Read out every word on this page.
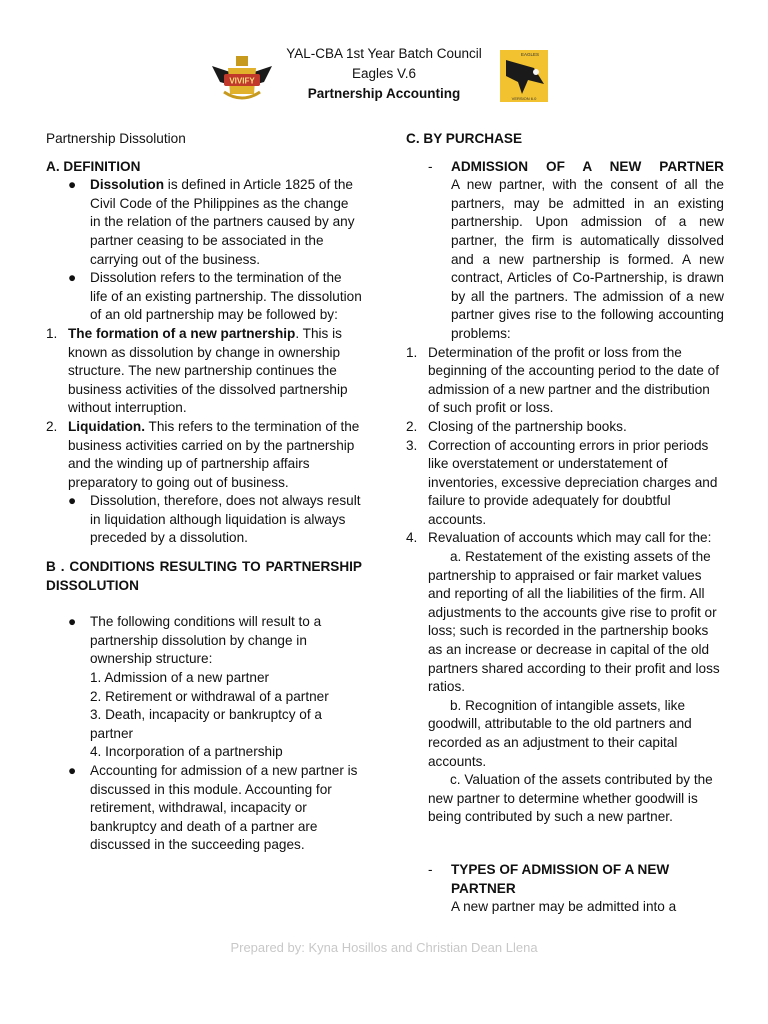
YAL-CBA 1st Year Batch Council
Eagles V.6
Partnership Accounting
VIVIFY
EAGLES
VERSION 6.0

Partnership Dissolution

A. DEFINITION

● Dissolution is defined in Article 1825 of the Civil Code of the Philippines as the change in the relation of the partners caused by any partner ceasing to be associated in the carrying out of the business.
● Dissolution refers to the termination of the life of an existing partnership. The dissolution of an old partnership may be followed by:
1. The formation of a new partnership. This is known as dissolution by change in ownership structure. The new partnership continues the business activities of the dissolved partnership without interruption.
2. Liquidation. This refers to the termination of the business activities carried on by the partnership and the winding up of partnership affairs preparatory to going out of business.
● Dissolution, therefore, does not always result in liquidation although liquidation is always preceded by a dissolution.

B . CONDITIONS RESULTING TO PARTNERSHIP DISSOLUTION

● The following conditions will result to a partnership dissolution by change in ownership structure:
1. Admission of a new partner
2. Retirement or withdrawal of a partner
3. Death, incapacity or bankruptcy of a partner
4. Incorporation of a partnership
● Accounting for admission of a new partner is discussed in this module. Accounting for retirement, withdrawal, incapacity or bankruptcy and death of a partner are discussed in the succeeding pages.

C. BY PURCHASE

- ADMISSION OF A NEW PARTNER
A new partner, with the consent of all the partners, may be admitted in an existing partnership. Upon admission of a new partner, the firm is automatically dissolved and a new partnership is formed. A new contract, Articles of Co-Partnership, is drawn by all the partners. The admission of a new partner gives rise to the following accounting problems:
1. Determination of the profit or loss from the beginning of the accounting period to the date of admission of a new partner and the distribution of such profit or loss.
2. Closing of the partnership books.
3. Correction of accounting errors in prior periods like overstatement or understatement of inventories, excessive depreciation charges and failure to provide adequately for doubtful accounts.
4. Revaluation of accounts which may call for the:
a. Restatement of the existing assets of the partnership to appraised or fair market values and reporting of all the liabilities of the firm. All adjustments to the accounts give rise to profit or loss; such is recorded in the partnership books as an increase or decrease in capital of the old partners shared according to their profit and loss ratios.
b. Recognition of intangible assets, like goodwill, attributable to the old partners and recorded as an adjustment to their capital accounts.
c. Valuation of the assets contributed by the new partner to determine whether goodwill is being contributed by such a new partner.
- TYPES OF ADMISSION OF A NEW PARTNER
A new partner may be admitted into a
Prepared by: Kyna Hosillos and Christian Dean Llena
